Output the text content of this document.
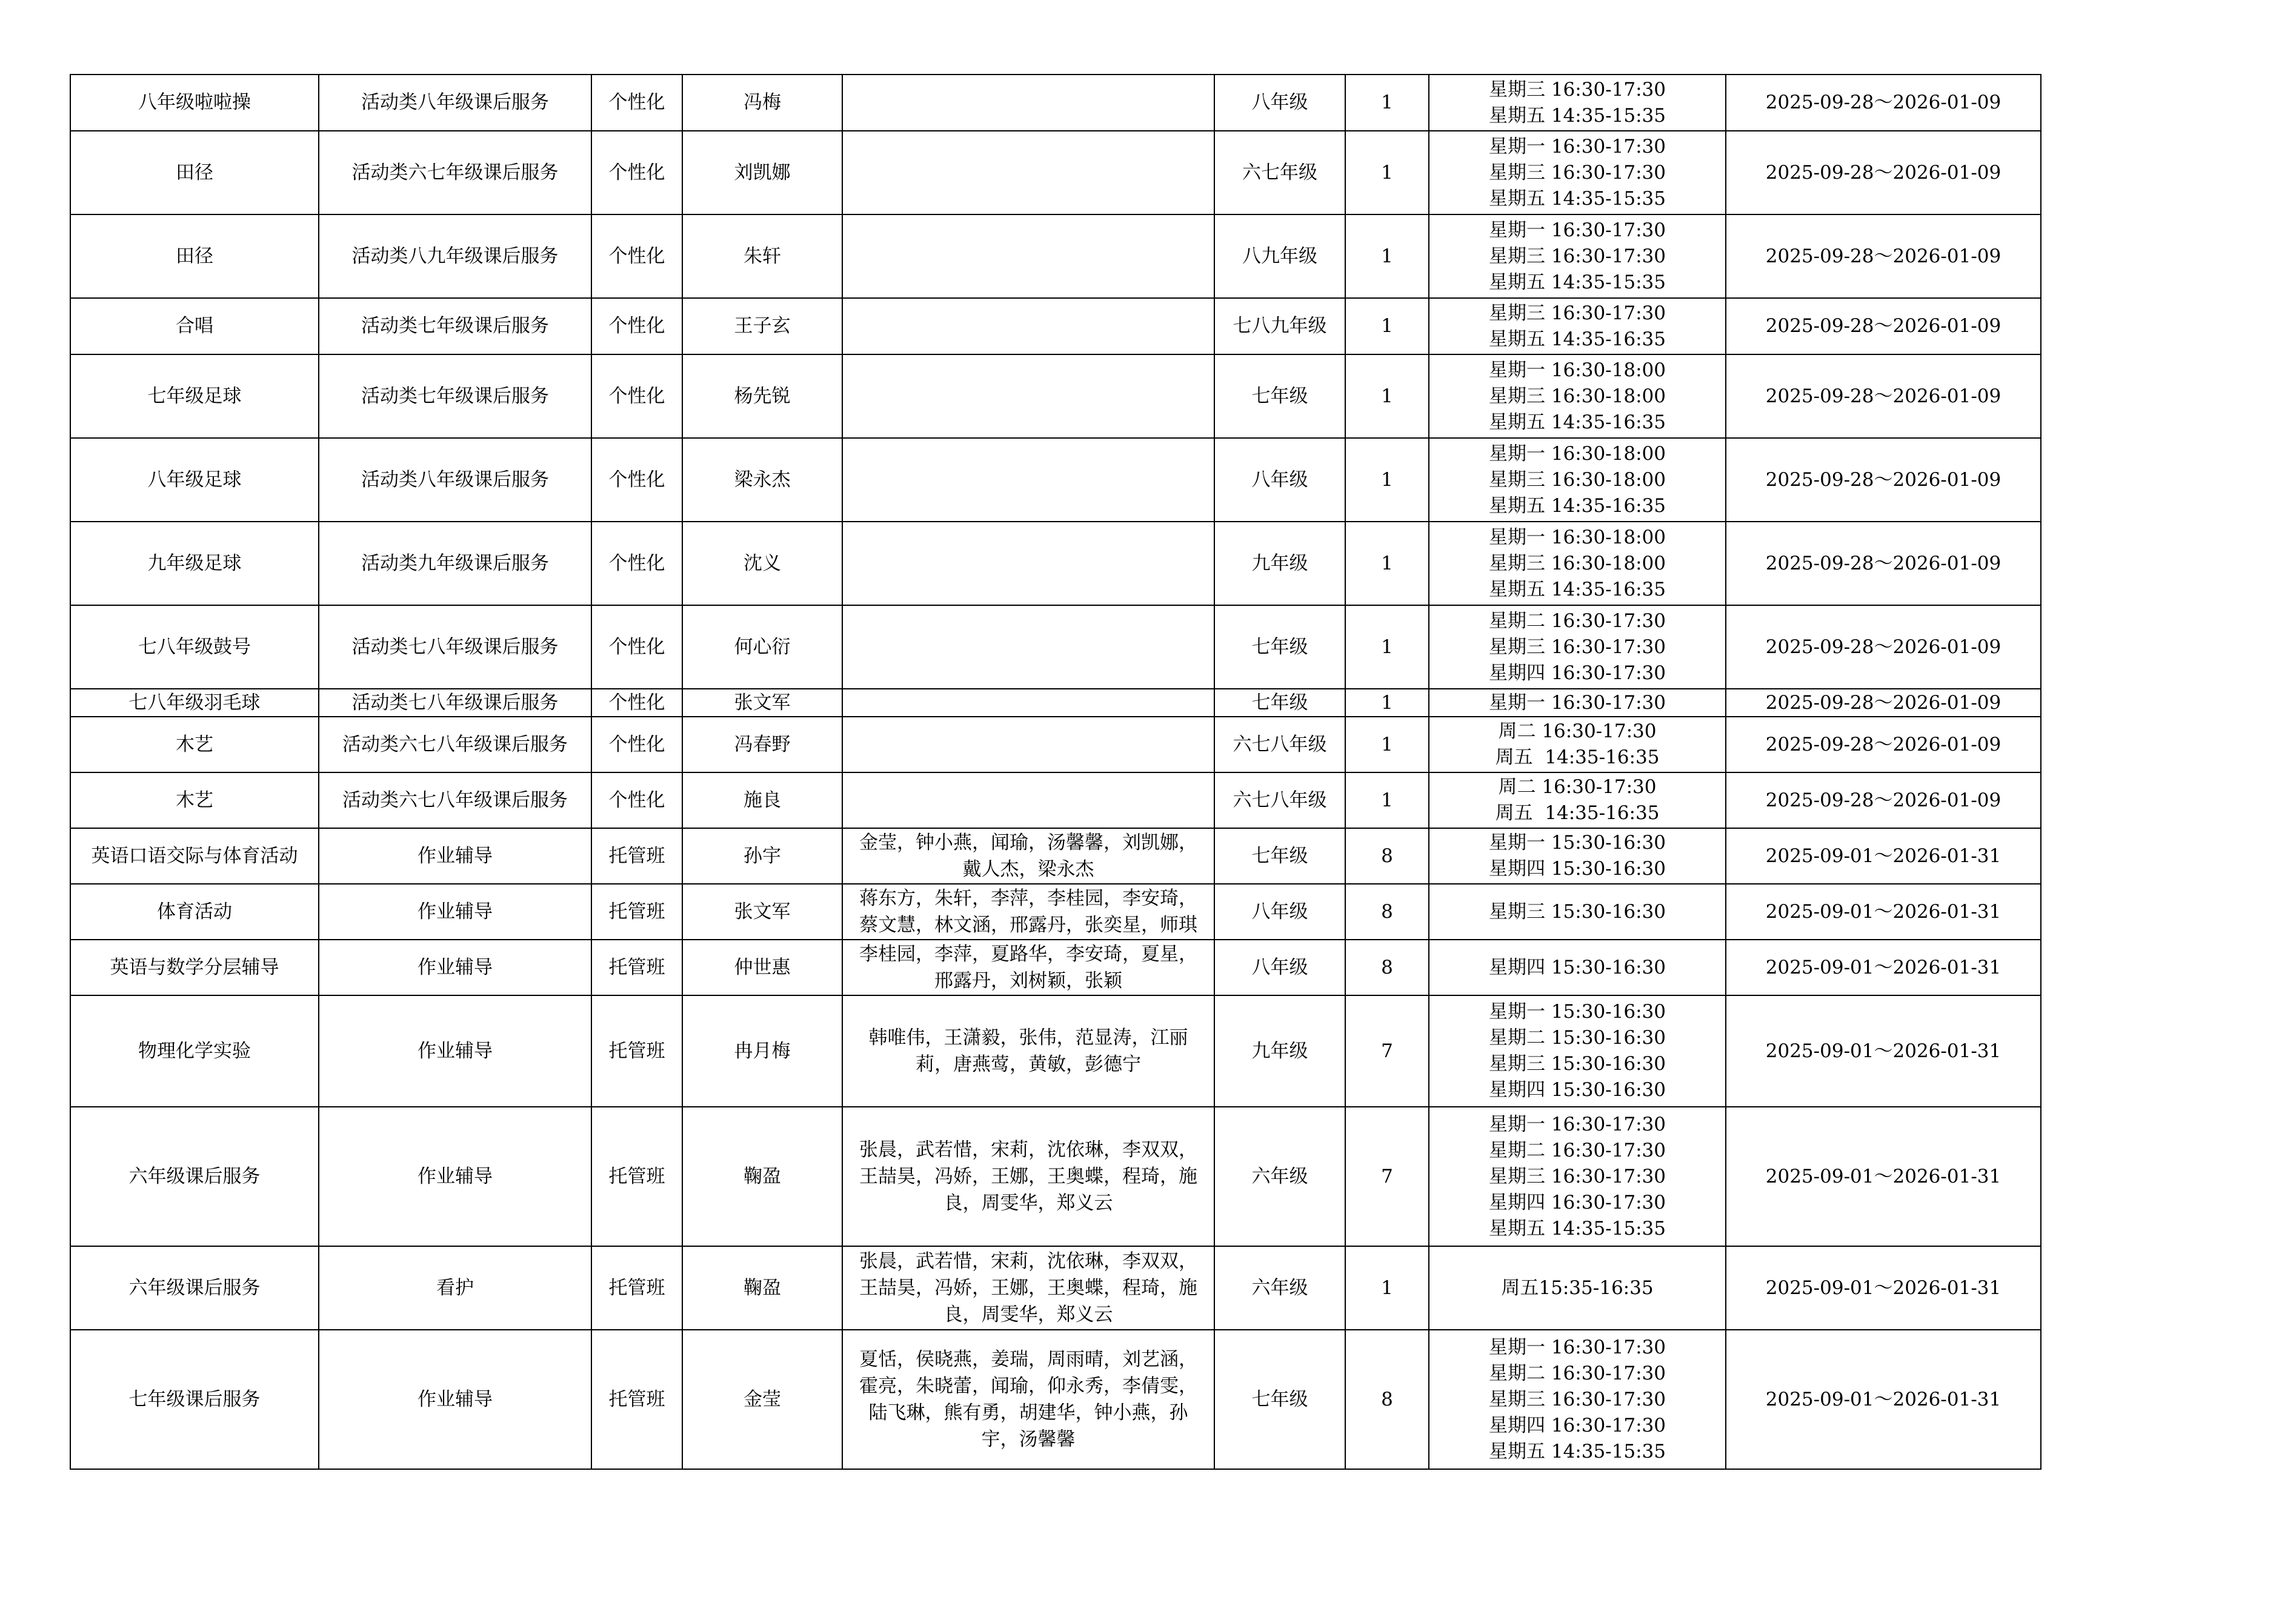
八年级啦啦操	活动类八年级课后服务	个性化	冯梅		八年级	1	星期三 16:30-17:30
星期五 14:35-15:35	2025-09-28～2026-01-09
田径	活动类六七年级课后服务	个性化	刘凯娜		六七年级	1	星期一 16:30-17:30
星期三 16:30-17:30
星期五 14:35-15:35	2025-09-28～2026-01-09
田径	活动类八九年级课后服务	个性化	朱轩		八九年级	1	星期一 16:30-17:30
星期三 16:30-17:30
星期五 14:35-15:35	2025-09-28～2026-01-09
合唱	活动类七年级课后服务	个性化	王子玄		七八九年级	1	星期三 16:30-17:30
星期五 14:35-16:35	2025-09-28～2026-01-09
七年级足球	活动类七年级课后服务	个性化	杨先锐		七年级	1	星期一 16:30-18:00
星期三 16:30-18:00
星期五 14:35-16:35	2025-09-28～2026-01-09
八年级足球	活动类八年级课后服务	个性化	梁永杰		八年级	1	星期一 16:30-18:00
星期三 16:30-18:00
星期五 14:35-16:35	2025-09-28～2026-01-09
九年级足球	活动类九年级课后服务	个性化	沈义		九年级	1	星期一 16:30-18:00
星期三 16:30-18:00
星期五 14:35-16:35	2025-09-28～2026-01-09
七八年级鼓号	活动类七八年级课后服务	个性化	何心衍		七年级	1	星期二 16:30-17:30
星期三 16:30-17:30
星期四 16:30-17:30	2025-09-28～2026-01-09
七八年级羽毛球	活动类七八年级课后服务	个性化	张文军		七年级	1	星期一 16:30-17:30	2025-09-28～2026-01-09
木艺	活动类六七八年级课后服务	个性化	冯春野		六七八年级	1	周二 16:30-17:30
周五  14:35-16:35	2025-09-28～2026-01-09
木艺	活动类六七八年级课后服务	个性化	施良		六七八年级	1	周二 16:30-17:30
周五  14:35-16:35	2025-09-28～2026-01-09
英语口语交际与体育活动	作业辅导	托管班	孙宇	金莹，钟小燕，闻瑜，汤馨馨，刘凯娜，戴人杰，梁永杰	七年级	8	星期一 15:30-16:30
星期四 15:30-16:30	2025-09-01～2026-01-31
体育活动	作业辅导	托管班	张文军	蒋东方，朱轩，李萍，李桂园，李安琦，蔡文慧，林文涵，邢露丹，张奕星，师琪	八年级	8	星期三 15:30-16:30	2025-09-01～2026-01-31
英语与数学分层辅导	作业辅导	托管班	仲世惠	李桂园，李萍，夏路华，李安琦，夏星，邢露丹，刘树颖，张颖	八年级	8	星期四 15:30-16:30	2025-09-01～2026-01-31
物理化学实验	作业辅导	托管班	冉月梅	韩唯伟，王潇毅，张伟，范显涛，江丽莉，唐燕莺，黄敏，彭德宁	九年级	7	星期一 15:30-16:30
星期二 15:30-16:30
星期三 15:30-16:30
星期四 15:30-16:30	2025-09-01～2026-01-31
六年级课后服务	作业辅导	托管班	鞠盈	张晨，武若惜，宋莉，沈依琳，李双双，王喆昊，冯娇，王娜，王奥蝶，程琦，施良，周雯华，郑义云	六年级	7	星期一 16:30-17:30
星期二 16:30-17:30
星期三 16:30-17:30
星期四 16:30-17:30
星期五 14:35-15:35	2025-09-01～2026-01-31
六年级课后服务	看护	托管班	鞠盈	张晨，武若惜，宋莉，沈依琳，李双双，王喆昊，冯娇，王娜，王奥蝶，程琦，施良，周雯华，郑义云	六年级	1	周五15:35-16:35	2025-09-01～2026-01-31
七年级课后服务	作业辅导	托管班	金莹	夏恬，侯晓燕，姜瑞，周雨晴，刘艺涵，霍亮，朱晓蕾，闻瑜，仰永秀，李倩雯，陆飞琳，熊有勇，胡建华，钟小燕，孙宇，汤馨馨	七年级	8	星期一 16:30-17:30
星期二 16:30-17:30
星期三 16:30-17:30
星期四 16:30-17:30
星期五 14:35-15:35	2025-09-01～2026-01-31
